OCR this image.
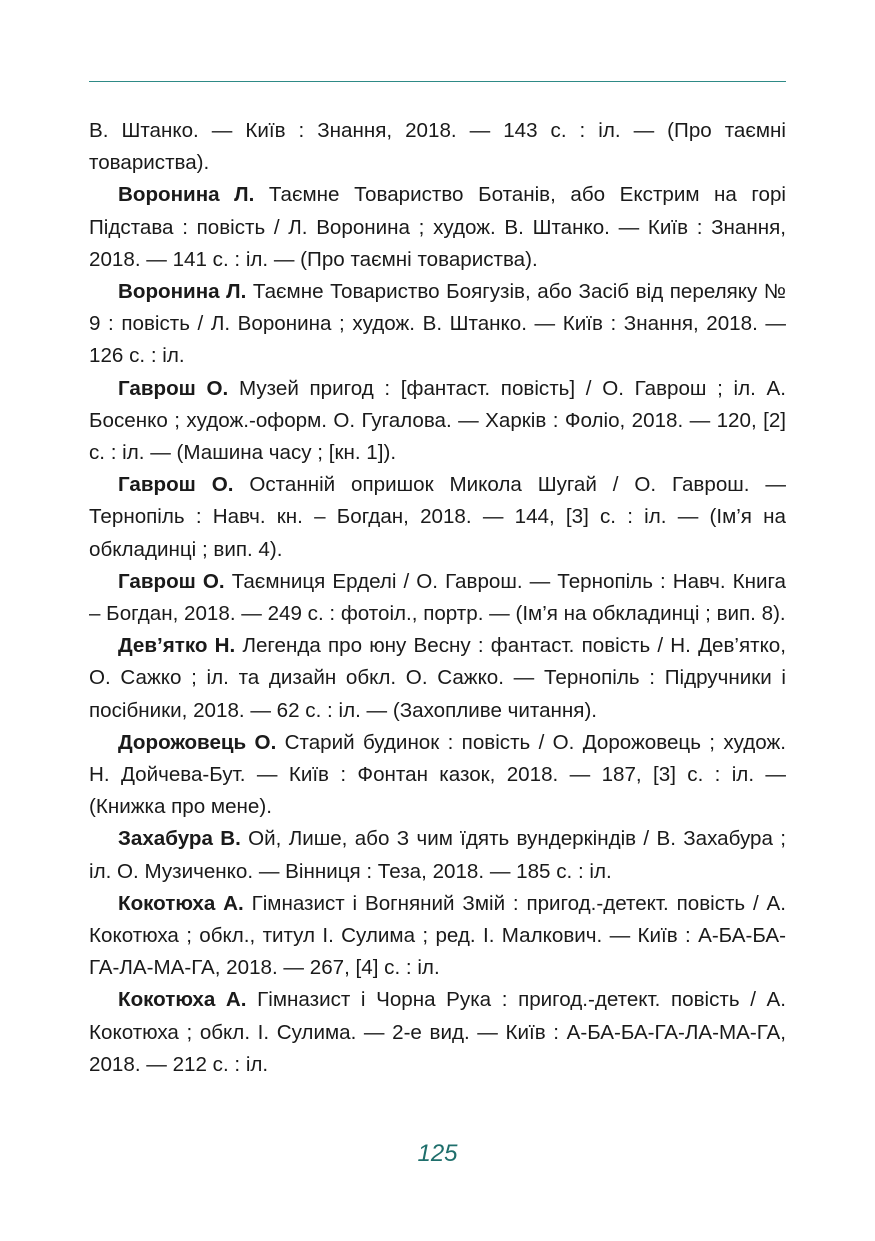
В. Штанко. — Київ : Знання, 2018. — 143 с. : іл. — (Про таємні товариства).

Воронина Л. Таємне Товариство Ботанів, або Екстрим на горі Підстава : повість / Л. Воронина ; худож. В. Штанко. — Київ : Знання, 2018. — 141 с. : іл. — (Про таємні товариства).

Воронина Л. Таємне Товариство Боягузів, або Засіб від переляку № 9 : повість / Л. Воронина ; худож. В. Штанко. — Київ : Знання, 2018. — 126 с. : іл.

Гаврош О. Музей пригод : [фантаст. повість] / О. Гаврош ; іл. А. Босенко ; худож.-оформ. О. Гугалова. — Харків : Фоліо, 2018. — 120, [2] с. : іл. — (Машина часу ; [кн. 1]).

Гаврош О. Останній опришок Микола Шугай / О. Гаврош. — Тернопіль : Навч. кн. – Богдан, 2018. — 144, [3] с. : іл. — (Ім’я на обкладинці ; вип. 4).

Гаврош О. Таємниця Ерделі / О. Гаврош. — Тернопіль : Навч. Книга – Богдан, 2018. — 249 с. : фотоіл., портр. — (Ім’я на обкладинці ; вип. 8).

Дев’ятко Н. Легенда про юну Весну : фантаст. повість / Н. Дев’ятко, О. Сажко ; іл. та дизайн обкл. О. Сажко. — Тернопіль : Підручники і посібники, 2018. — 62 с. : іл. — (Захопливе читання).

Дорожовець О. Старий будинок : повість / О. Дорожовець ; худож. Н. Дойчева-Бут. — Київ : Фонтан казок, 2018. — 187, [3] с. : іл. — (Книжка про мене).

Захабура В. Ой, Лише, або З чим їдять вундеркіндів / В. Захабура ; іл. О. Музиченко. — Вінниця : Теза, 2018. — 185 с. : іл.

Кокотюха А. Гімназист і Вогняний Змій : пригод.-детект. повість / А. Кокотюха ; обкл., титул І. Сулима ; ред. І. Малкович. — Київ : А-БА-БА-ГА-ЛА-МА-ГА, 2018. — 267, [4] с. : іл.

Кокотюха А. Гімназист і Чорна Рука : пригод.-детект. повість / А. Кокотюха ; обкл. І. Сулима. — 2-е вид. — Київ : А-БА-БА-ГА-ЛА-МА-ГА, 2018. — 212 с. : іл.

125
